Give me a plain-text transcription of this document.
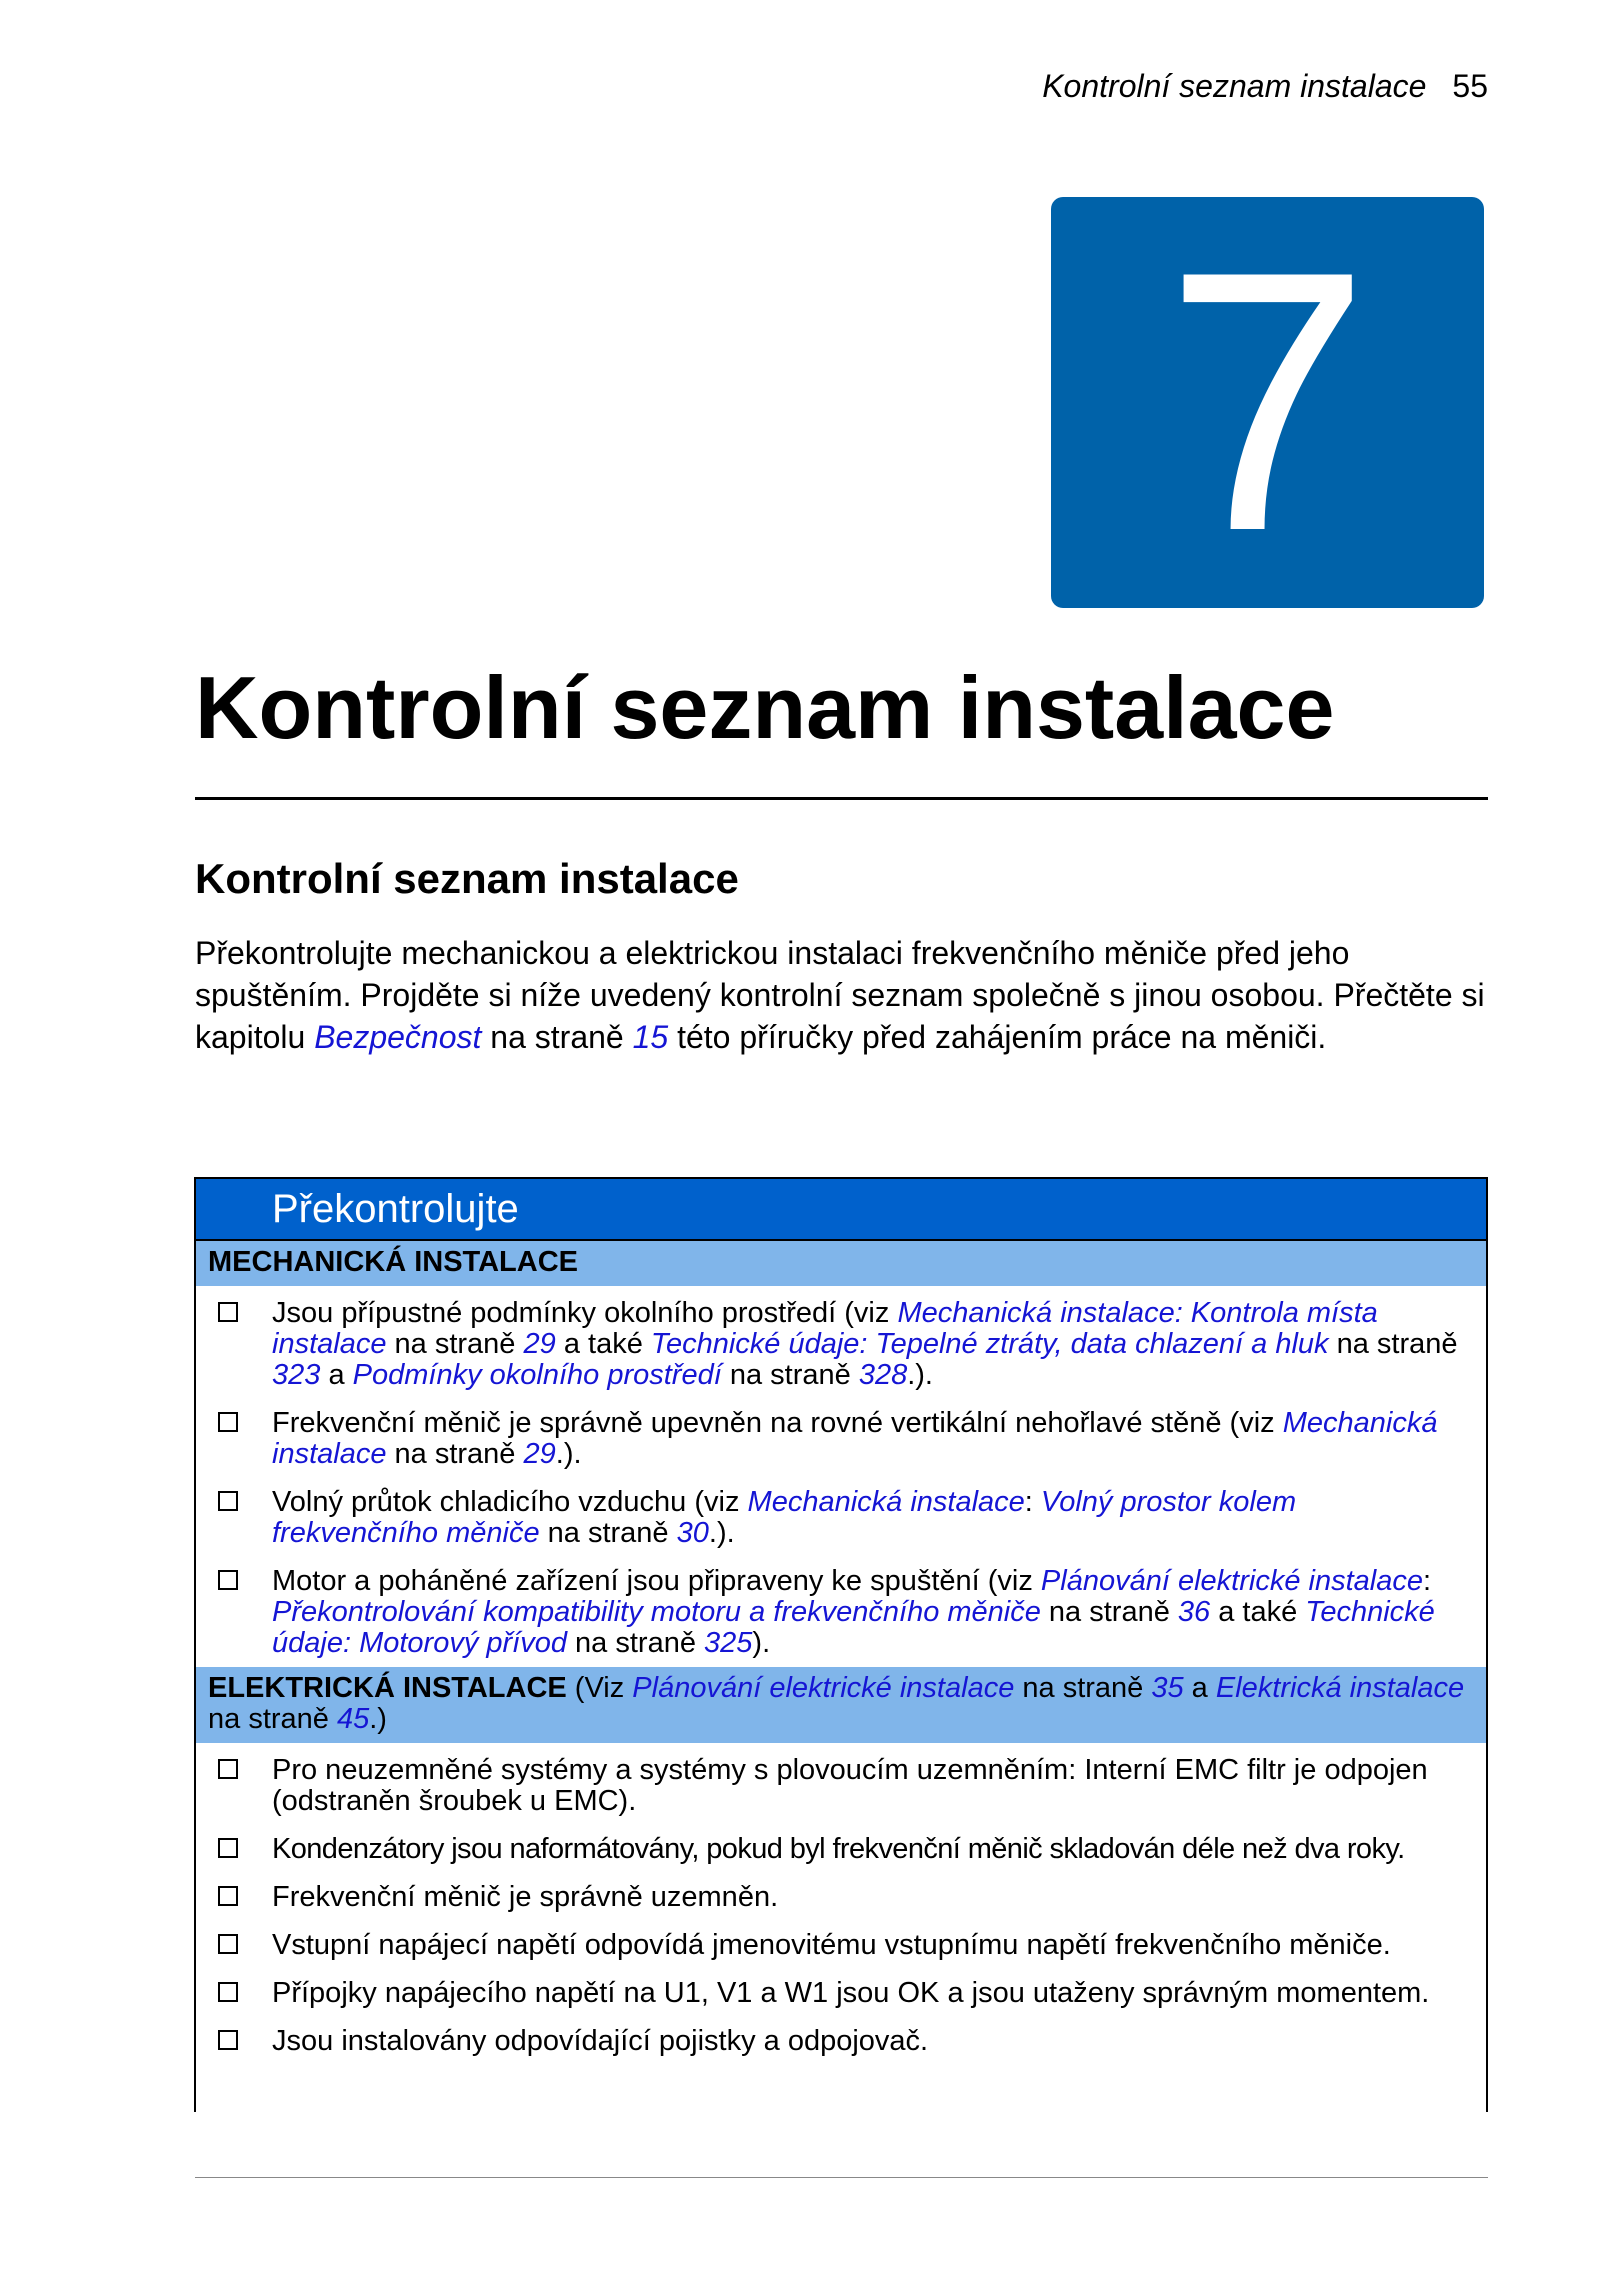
Kontrolní seznam instalace 55
7
Kontrolní seznam instalace
Kontrolní seznam instalace

Překontrolujte mechanickou a elektrickou instalaci frekvenčního měniče před jeho spuštěním. Projděte si níže uvedený kontrolní seznam společně s jinou osobou. Přečtěte si kapitolu Bezpečnost na straně 15 této příručky před zahájením práce na měniči.

Překontrolujte
MECHANICKÁ INSTALACE
Jsou přípustné podmínky okolního prostředí (viz Mechanická instalace: Kontrola místa instalace na straně 29 a také Technické údaje: Tepelné ztráty, data chlazení a hluk na straně 323 a Podmínky okolního prostředí na straně 328.).
Frekvenční měnič je správně upevněn na rovné vertikální nehořlavé stěně (viz Mechanická instalace na straně 29.).
Volný průtok chladicího vzduchu (viz Mechanická instalace: Volný prostor kolem frekvenčního měniče na straně 30.).
Motor a poháněné zařízení jsou připraveny ke spuštění (viz Plánování elektrické instalace: Překontrolování kompatibility motoru a frekvenčního měniče na straně 36 a také Technické údaje: Motorový přívod na straně 325).
ELEKTRICKÁ INSTALACE (Viz Plánování elektrické instalace na straně 35 a Elektrická instalace na straně 45.)
Pro neuzemněné systémy a systémy s plovoucím uzemněním: Interní EMC filtr je odpojen (odstraněn šroubek u EMC).
Kondenzátory jsou naformátovány, pokud byl frekvenční měnič skladován déle než dva roky.
Frekvenční měnič je správně uzemněn.
Vstupní napájecí napětí odpovídá jmenovitému vstupnímu napětí frekvenčního měniče.
Přípojky napájecího napětí na U1, V1 a W1 jsou OK a jsou utaženy správným momentem.
Jsou instalovány odpovídající pojistky a odpojovač.
